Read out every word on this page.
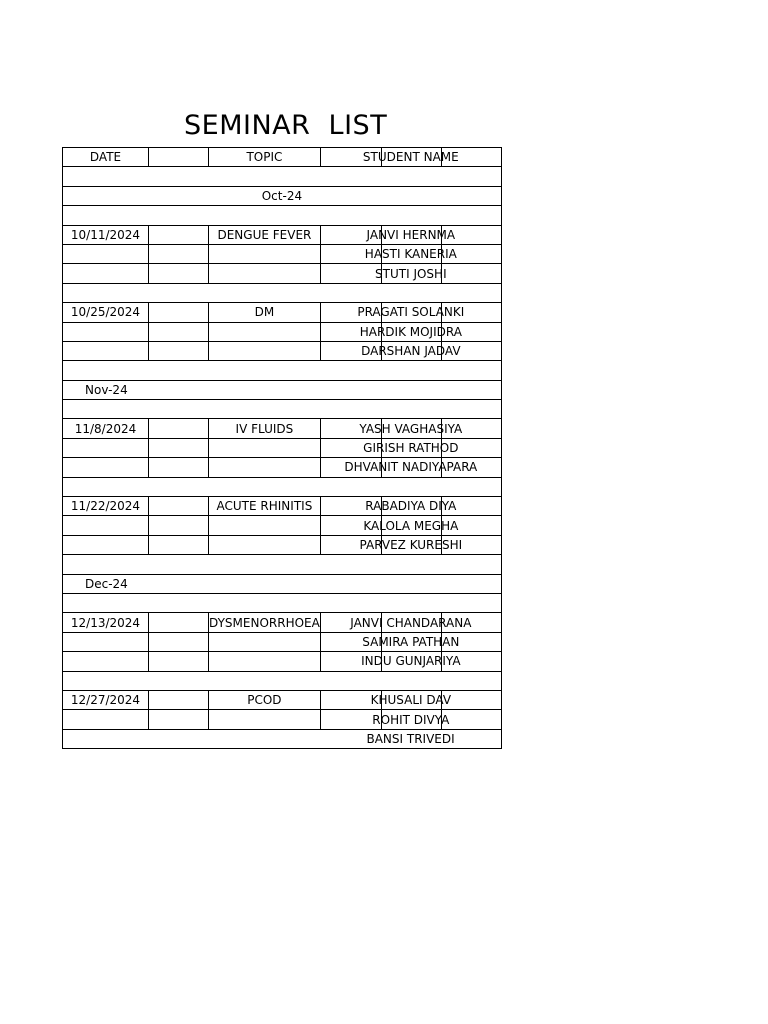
SEMINAR  LIST
DATE		TOPIC	STUDENT NAME

Oct-24			

10/11/2024		DENGUE FEVER	JANVI HERNMA

			HASTI KANERIA

			STUTI JOSHI

10/25/2024		DM	PRAGATI SOLANKI

			HARDIK MOJIDRA

			DARSHAN JADAV

Nov-24			

11/8/2024		IV FLUIDS	YASH VAGHASIYA

			GIRISH RATHOD

			DHVANIT NADIYAPARA

11/22/2024		ACUTE RHINITIS	RABADIYA DIYA

			KALOLA MEGHA

			PARVEZ KURESHI

Dec-24			

12/13/2024		DYSMENORRHOEA	JANVI CHANDARANA

			SAMIRA PATHAN

			INDU GUNJARIYA

12/27/2024		PCOD	KHUSALI DAV

			ROHIT DIVYA

			BANSI TRIVEDI
